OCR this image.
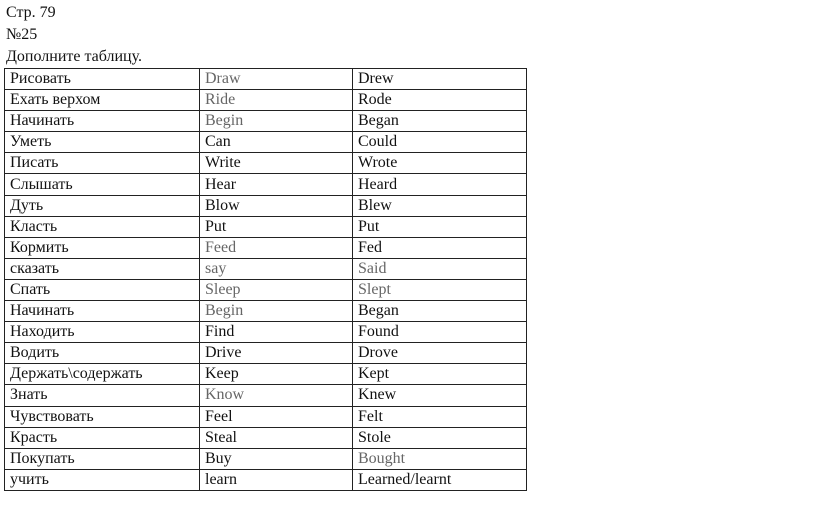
Стр. 79
№25
Дополните таблицу.
Рисовать	Draw	Drew
Ехать верхом	Ride	Rode
Начинать	Begin	Began
Уметь	Can	Could
Писать	Write	Wrote
Слышать	Hear	Heard
Дуть	Blow	Blew
Класть	Put	Put
Кормить	Feed	Fed
сказать	say	Said
Спать	Sleep	Slept
Начинать	Begin	Began
Находить	Find	Found
Водить	Drive	Drove
Держать\содержать	Keep	Kept
Знать	Know	Knew
Чувствовать	Feel	Felt
Красть	Steal	Stole
Покупать	Buy	Bought
учить	learn	Learned/learnt
